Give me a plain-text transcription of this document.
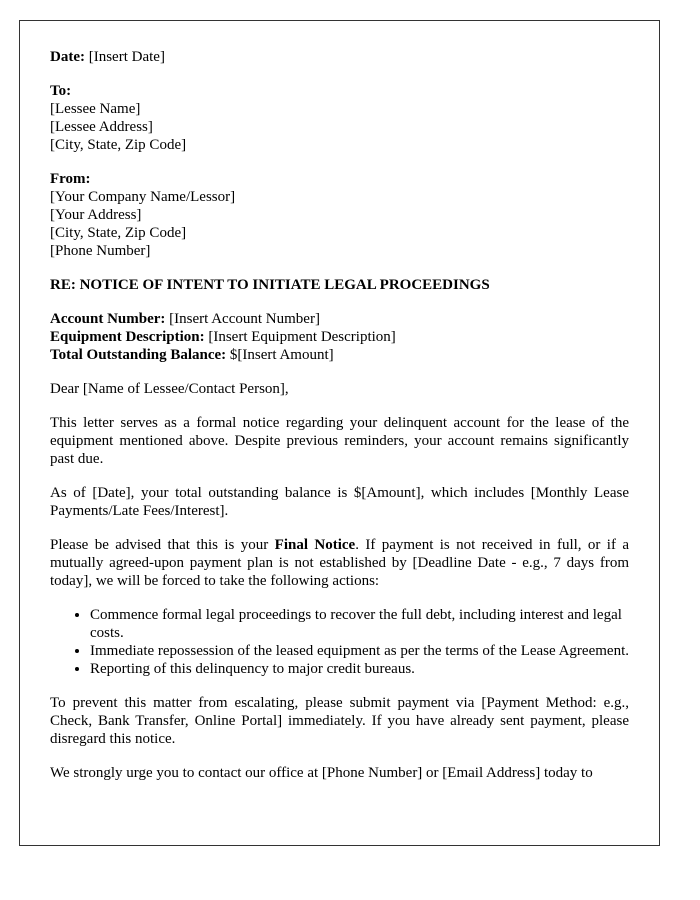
Date: [Insert Date]
To:
[Lessee Name]
[Lessee Address]
[City, State, Zip Code]
From:
[Your Company Name/Lessor]
[Your Address]
[City, State, Zip Code]
[Phone Number]
RE: NOTICE OF INTENT TO INITIATE LEGAL PROCEEDINGS
Account Number: [Insert Account Number]
Equipment Description: [Insert Equipment Description]
Total Outstanding Balance: $[Insert Amount]

Dear [Name of Lessee/Contact Person],

This letter serves as a formal notice regarding your delinquent account for the lease of the equipment mentioned above. Despite previous reminders, your account remains significantly past due.

As of [Date], your total outstanding balance is $[Amount], which includes [Monthly Lease Payments/Late Fees/Interest].

Please be advised that this is your Final Notice. If payment is not received in full, or if a mutually agreed-upon payment plan is not established by [Deadline Date - e.g., 7 days from today], we will be forced to take the following actions:

• Commence formal legal proceedings to recover the full debt, including interest and legal costs.
• Immediate repossession of the leased equipment as per the terms of the Lease Agreement.
• Reporting of this delinquency to major credit bureaus.

To prevent this matter from escalating, please submit payment via [Payment Method: e.g., Check, Bank Transfer, Online Portal] immediately. If you have already sent payment, please disregard this notice.

We strongly urge you to contact our office at [Phone Number] or [Email Address] today to
